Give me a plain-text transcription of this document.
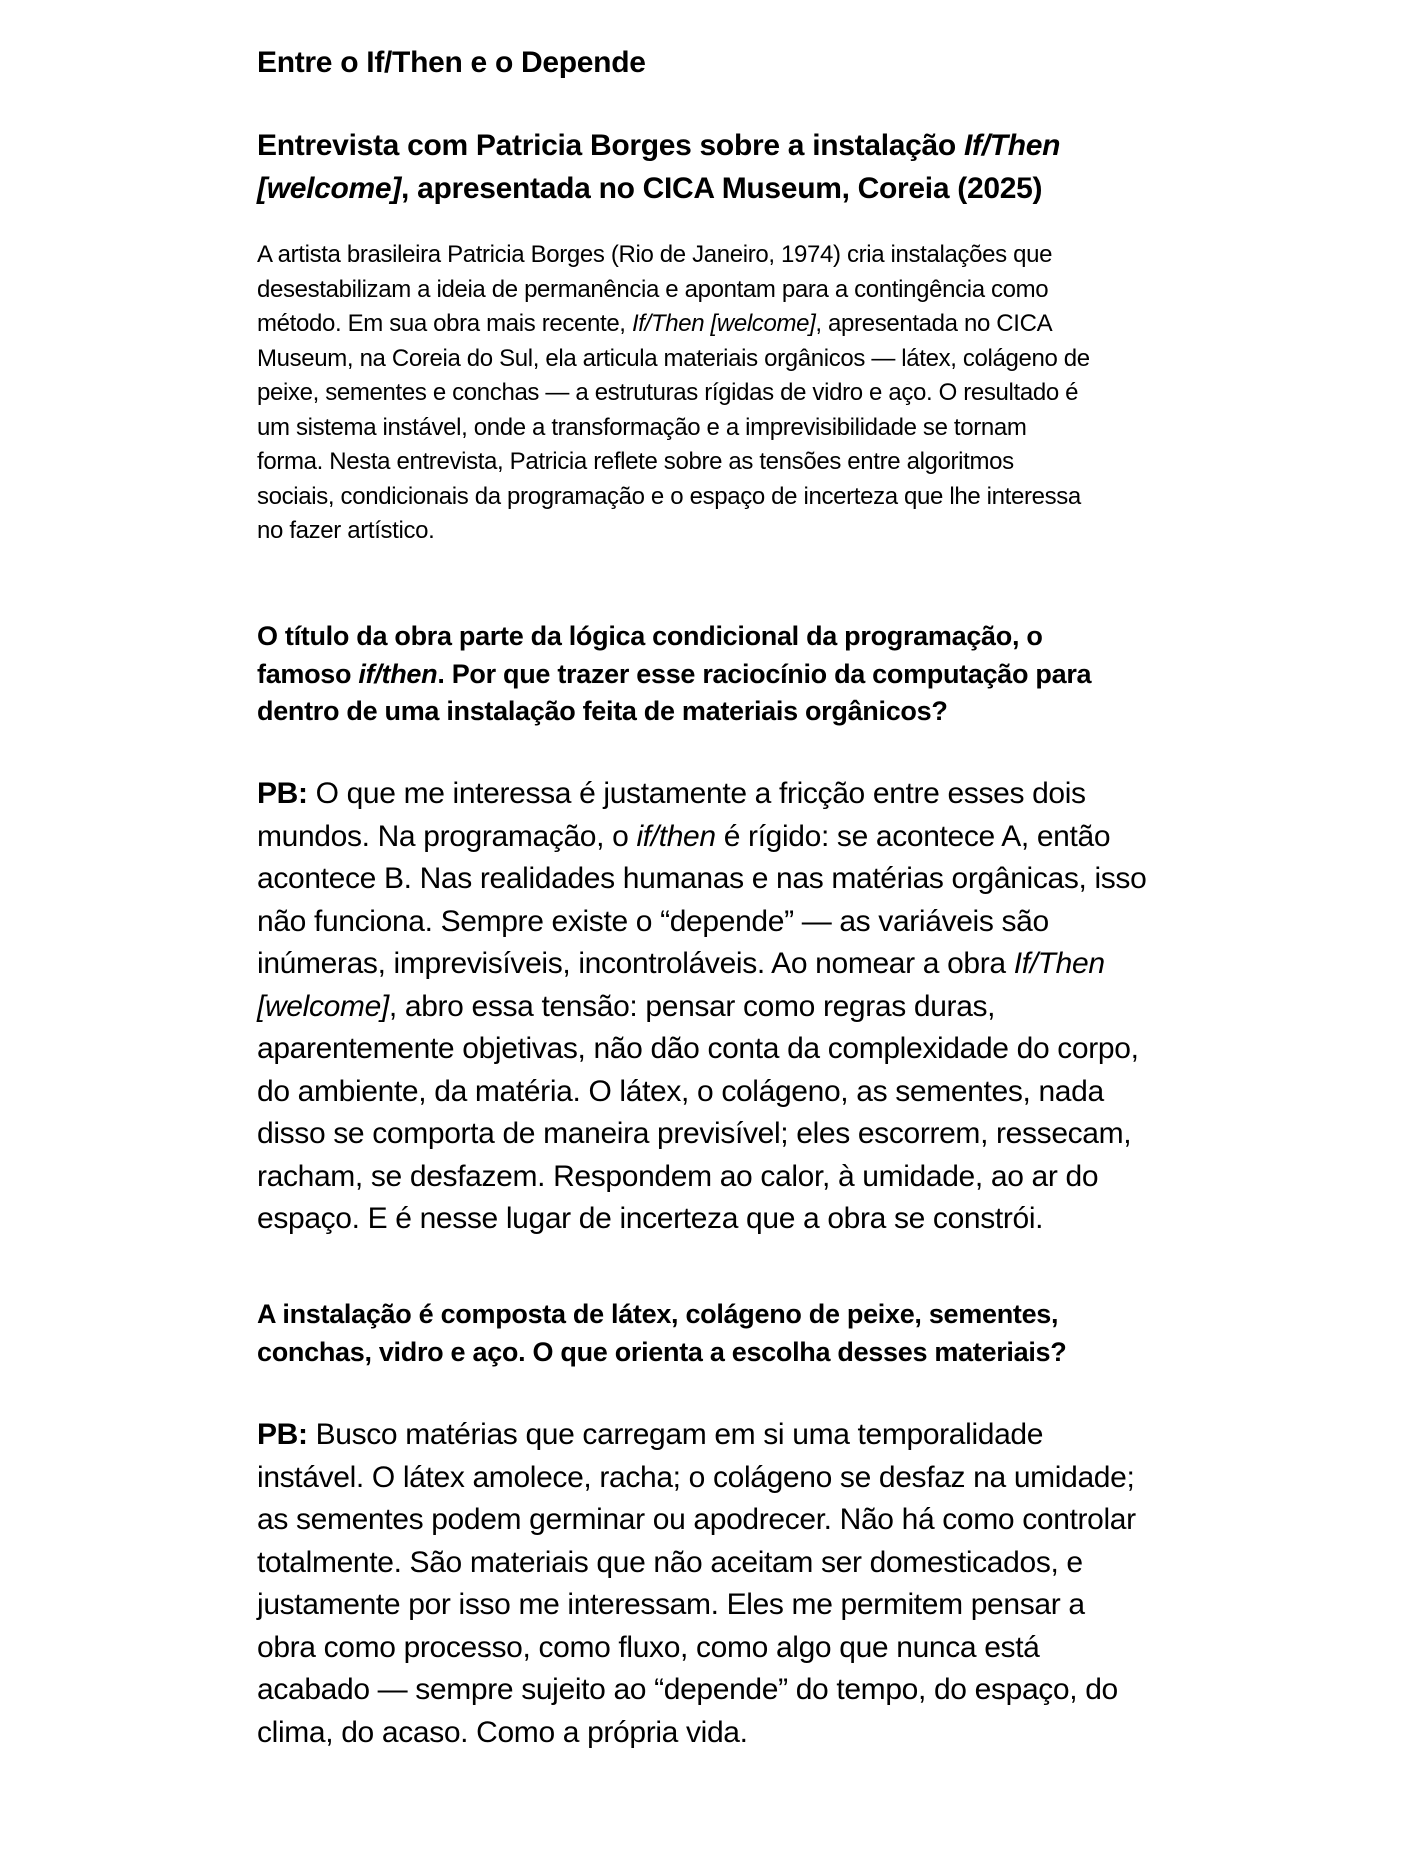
Entre o If/Then e o Depende
Entrevista com Patricia Borges sobre a instalação If/Then
[welcome], apresentada no CICA Museum, Coreia (2025)

A artista brasileira Patricia Borges (Rio de Janeiro, 1974) cria instalações que
desestabilizam a ideia de permanência e apontam para a contingência como
método. Em sua obra mais recente, If/Then [welcome], apresentada no CICA
Museum, na Coreia do Sul, ela articula materiais orgânicos — látex, colágeno de
peixe, sementes e conchas — a estruturas rígidas de vidro e aço. O resultado é
um sistema instável, onde a transformação e a imprevisibilidade se tornam
forma. Nesta entrevista, Patricia reflete sobre as tensões entre algoritmos
sociais, condicionais da programação e o espaço de incerteza que lhe interessa
no fazer artístico.

O título da obra parte da lógica condicional da programação, o
famoso if/then. Por que trazer esse raciocínio da computação para
dentro de uma instalação feita de materiais orgânicos?

PB: O que me interessa é justamente a fricção entre esses dois
mundos. Na programação, o if/then é rígido: se acontece A, então
acontece B. Nas realidades humanas e nas matérias orgânicas, isso
não funciona. Sempre existe o “depende” — as variáveis são
inúmeras, imprevisíveis, incontroláveis. Ao nomear a obra If/Then
[welcome], abro essa tensão: pensar como regras duras,
aparentemente objetivas, não dão conta da complexidade do corpo,
do ambiente, da matéria. O látex, o colágeno, as sementes, nada
disso se comporta de maneira previsível; eles escorrem, ressecam,
racham, se desfazem. Respondem ao calor, à umidade, ao ar do
espaço. E é nesse lugar de incerteza que a obra se constrói.

A instalação é composta de látex, colágeno de peixe, sementes,
conchas, vidro e aço. O que orienta a escolha desses materiais?

PB: Busco matérias que carregam em si uma temporalidade
instável. O látex amolece, racha; o colágeno se desfaz na umidade;
as sementes podem germinar ou apodrecer. Não há como controlar
totalmente. São materiais que não aceitam ser domesticados, e
justamente por isso me interessam. Eles me permitem pensar a
obra como processo, como fluxo, como algo que nunca está
acabado — sempre sujeito ao “depende” do tempo, do espaço, do
clima, do acaso. Como a própria vida.
